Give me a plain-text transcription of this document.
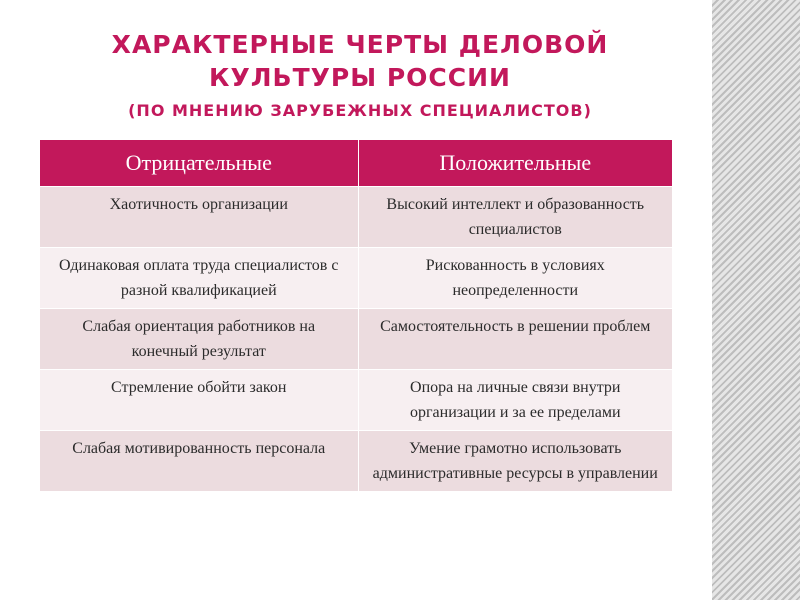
ХАРАКТЕРНЫЕ ЧЕРТЫ ДЕЛОВОЙ
КУЛЬТУРЫ РОССИИ
(ПО МНЕНИЮ ЗАРУБЕЖНЫХ СПЕЦИАЛИСТОВ)
Отрицательные	Положительные
Хаотичность организации	Высокий интеллект и образованность специалистов
Одинаковая оплата труда специалистов с разной квалификацией	Рискованность в условиях неопределенности
Слабая ориентация работников на конечный результат	Самостоятельность в решении проблем
Стремление обойти закон	Опора на личные связи внутри организации и за ее пределами
Слабая мотивированность персонала	Умение грамотно использовать административные ресурсы в управлении
